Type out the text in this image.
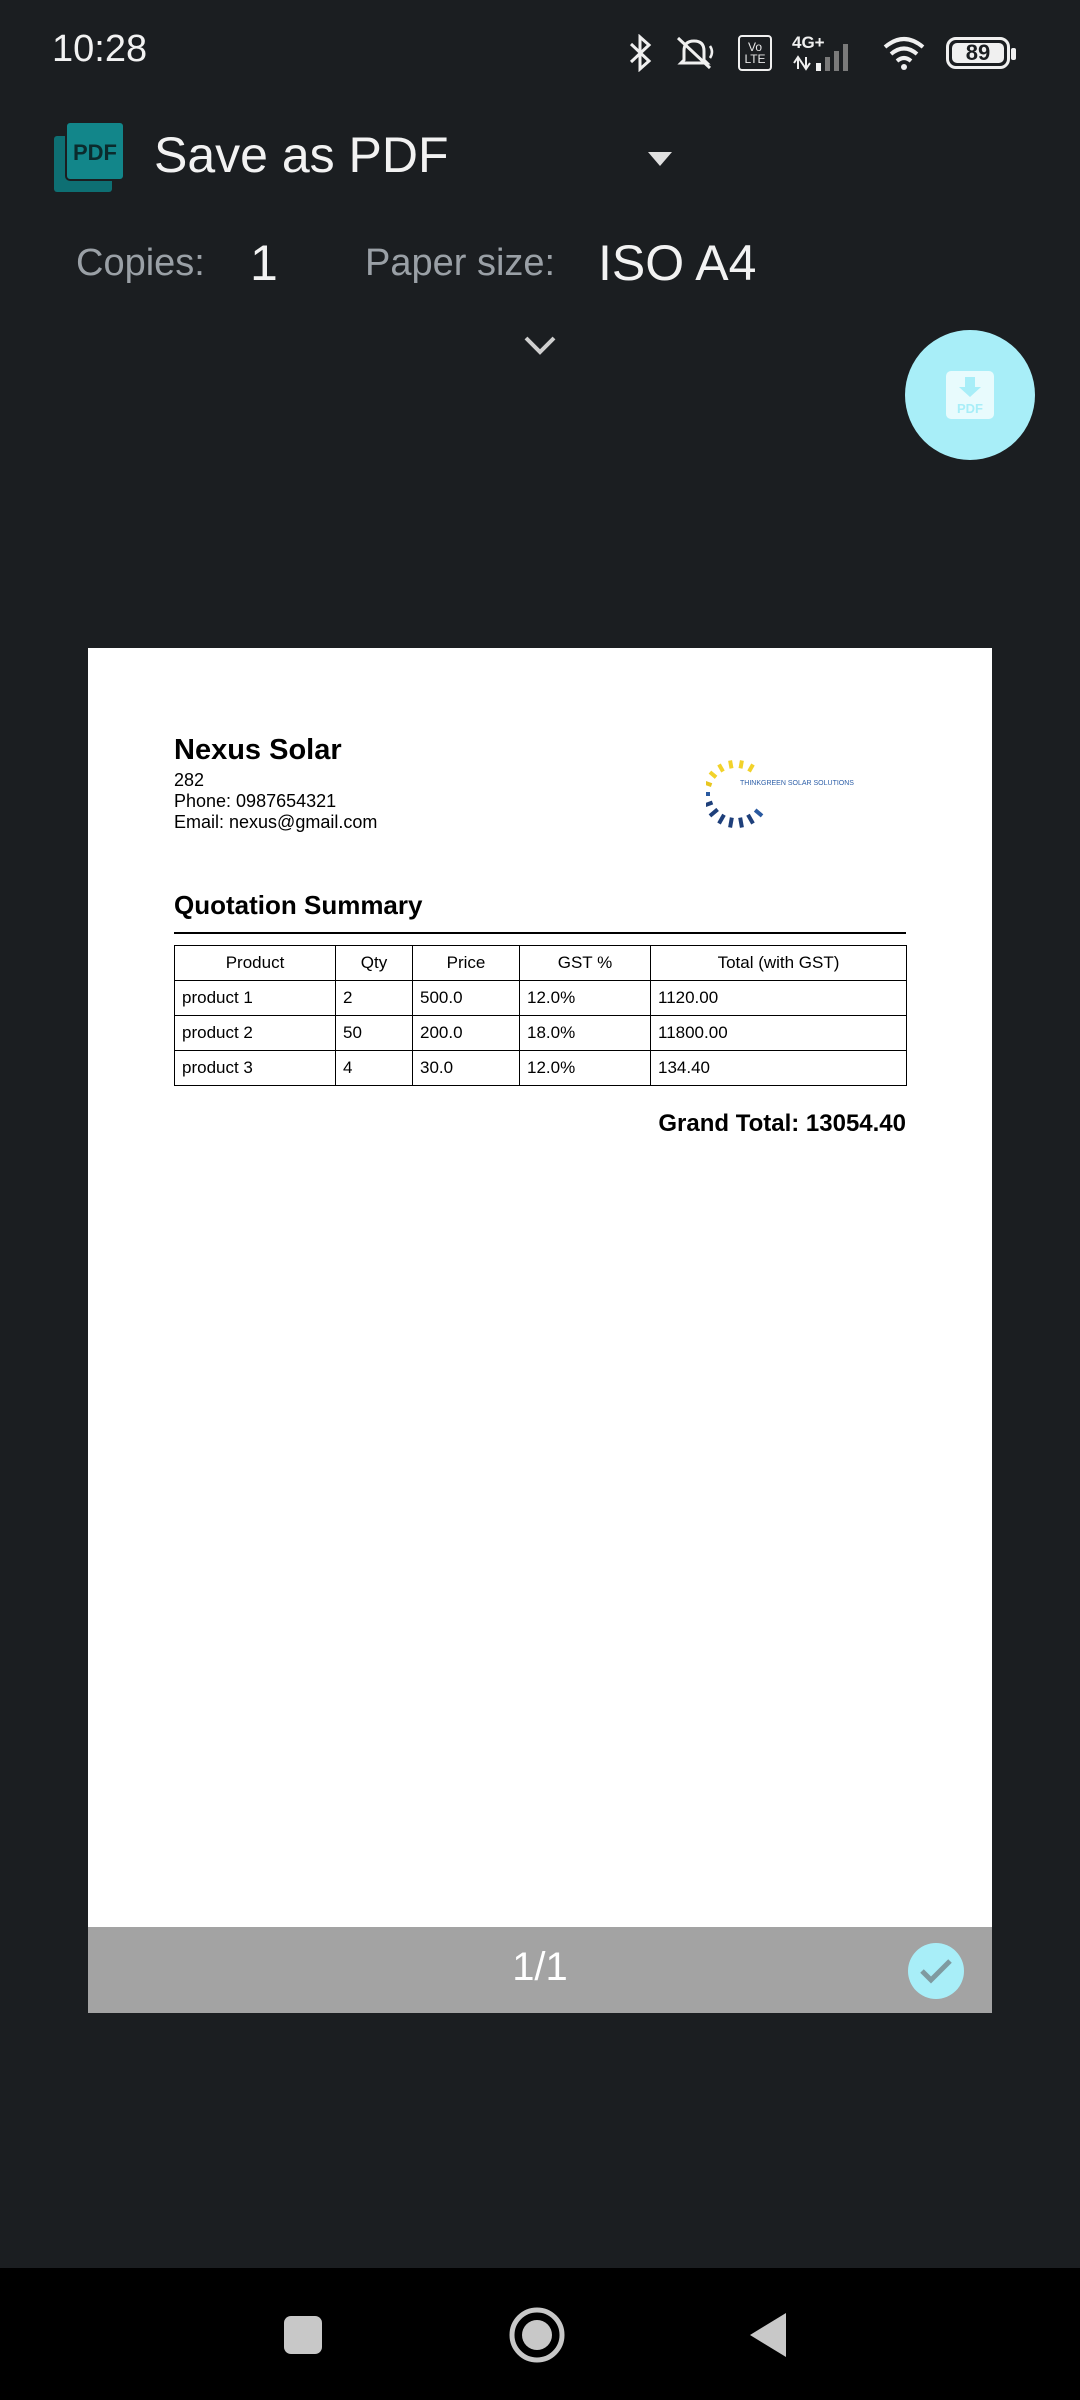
10:28	Vo LTE
4G+	89
PDF Save as PDF
Copies: 1 Paper size: ISO A4
PDF
Nexus Solar
282
Phone: 0987654321
Email: nexus@gmail.com
THINKGREEN SOLAR SOLUTIONS
Quotation Summary
Product	Qty	Price	GST %	Total (with GST)
product 1	2	500.0	12.0%	1120.00
product 2	50	200.0	18.0%	11800.00
product 3	4	30.0	12.0%	134.40
Grand Total: 13054.40
1/1
